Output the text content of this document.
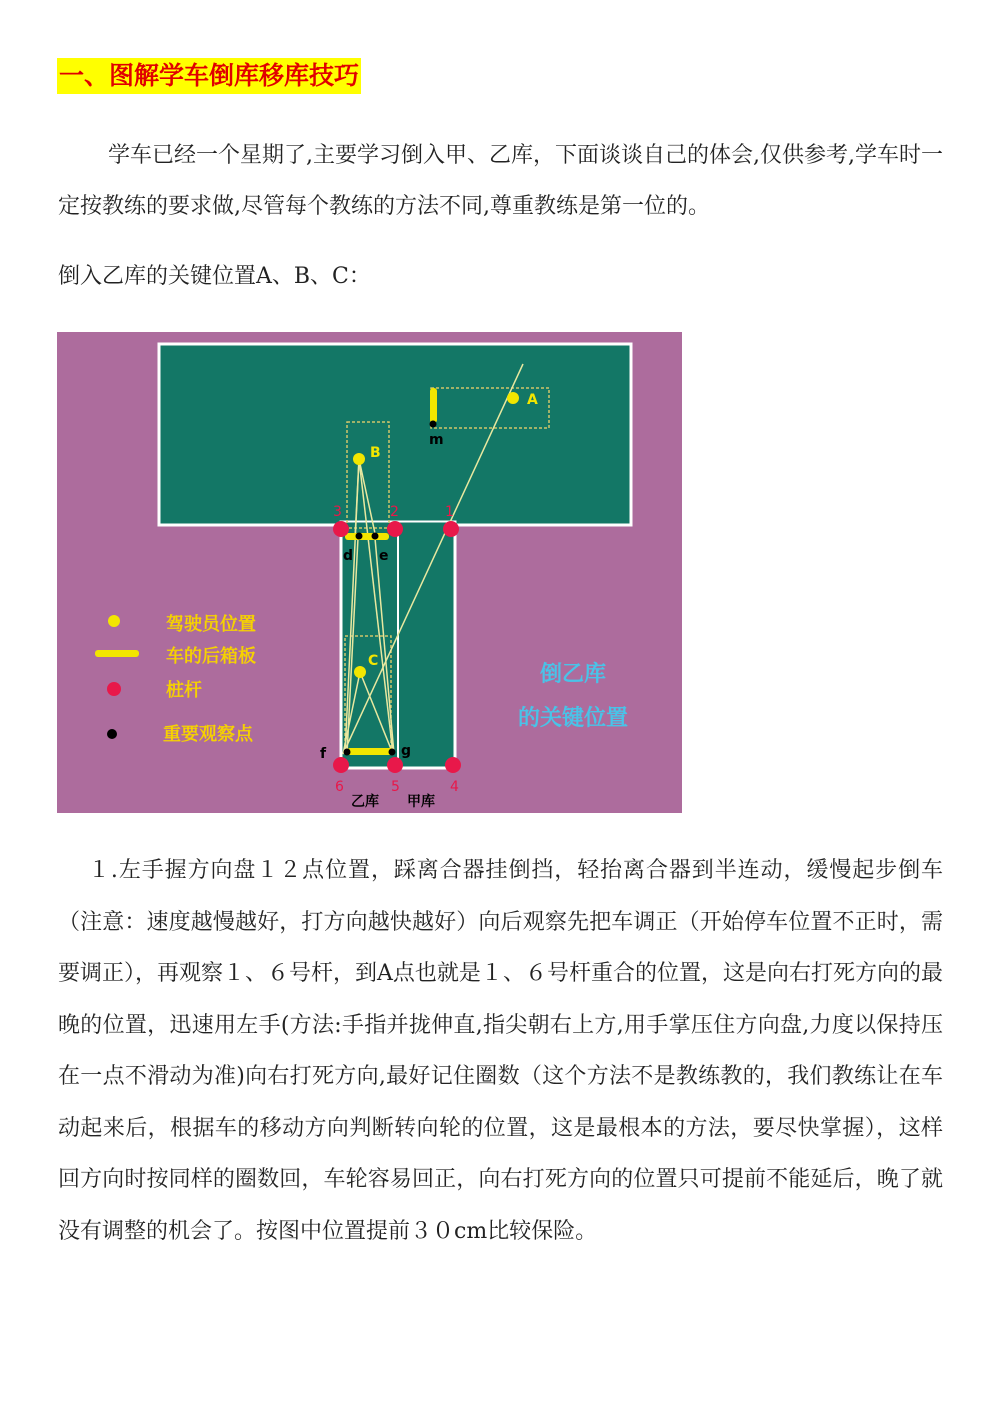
一、图解学车倒库移库技巧

学车已经一个星期了,主要学习倒入甲、乙库，下面谈谈自己的体会,仅供参考,学车时一定按教练的要求做,尽管每个教练的方法不同,尊重教练是第一位的。

倒入乙库的关键位置A、B、C：

A
B
C
m
d e
f	g
1
2
3
4
5
6
乙库 甲库
驾驶员位置
车的后箱板
桩杆
重要观察点
倒乙库
的关键位置

１.左手握方向盘１２点位置，踩离合器挂倒挡，轻抬离合器到半连动，缓慢起步倒车（注意：速度越慢越好，打方向越快越好）向后观察先把车调正（开始停车位置不正时，需要调正），再观察１、６号杆，到A点也就是１、６号杆重合的位置，这是向右打死方向的最晚的位置，迅速用左手(方法:手指并拢伸直,指尖朝右上方,用手掌压住方向盘,力度以保持压在一点不滑动为准)向右打死方向,最好记住圈数（这个方法不是教练教的，我们教练让在车动起来后，根据车的移动方向判断转向轮的位置，这是最根本的方法，要尽快掌握），这样回方向时按同样的圈数回，车轮容易回正，向右打死方向的位置只可提前不能延后，晚了就没有调整的机会了。按图中位置提前３０cm比较保险。
